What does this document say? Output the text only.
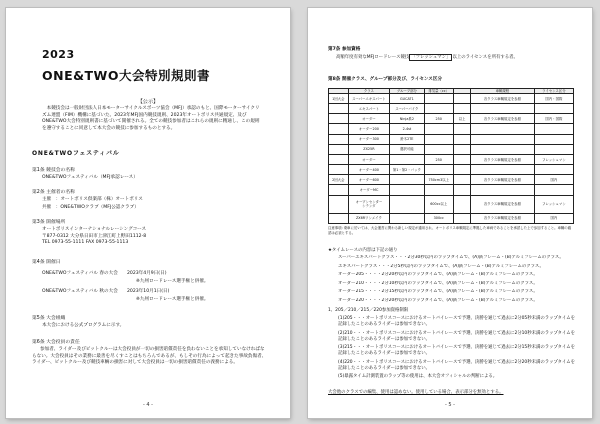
2023
ONE&TWO大会特別規則書
【公示】
本競技会は一般財団法人日本モーターサイクルスポーツ協会（MFJ）承認のもと、国際モーターサイクリズム連盟（FIM）機構に基づいた、2023年MFJ国内競技規則、2023年オートポリス共通規定、及びONE&TWO大会特別規則書に基づいて開催される。全ての競技参加者はこれらの規則に精通し、この規則を遵守することに同意して本大会の競技に参加するものとする。
ONE&TWOフェスティバル
第1条 競技会の名称
ONE&TWOフェスティバル（MFJ承認レース）
第2条 主催者の名称
主催　：オートポリス倶楽部（株）オートポリス
共催　：ONE&TWOクラブ（MFJ公認クラブ）
第3条 開催場所
オートポリスインターナショナルレーシングコース
〒877-0312 大分県日田市上津江町上野田1112-8
TEL 0973-55-1111 FAX 0973-55-1113
第4条 開催日
ONE&TWOフェスティバル 春の大会　　2023年4月9日(日)
※九州ロードレース選手権と併催。
ONE&TWOフェスティバル 秋の大会　　2023年10月1日(日)
※九州ロードレース選手権と併催。
第5条 大会組織
本大会における公式プログラムに示す。
第6条 大会役員の責任
参加者、ライダー及びピットクルーは大会役員が一切の損害賠償責任を負わないことを承知していなければならない。大会役員はその業務に最善を尽くすことはもちろんであるが、もしその行為によって起きた事故負傷者、ライダー、ピットクルー及び競技車輌の損害に対して大会役員は一切の損害賠償責任の義務による。
- 4 -
第7条 参加資格
高額年度有効なMFJロードレース競技 「フレッシュマン」 以上のライセンスを所有する者。
第8条 開催クラス、グループ部分及び、ライセンス区分
	クラス	グループ部分	排気量（cc）		車輌規程	ライセンス区分
1回大会	スーパーエキスパート	GUCAT1			各クラス車輌規定を参照	国内・国際
	エキスパート	スーパーバイク				
	オーダー	Ninja系2	250	以上	各クラス車輌規定を参照	国内・国際
	オーダー200	2-4st				
	オーダー300	鈴木2TE				
	ZX25R	選択可能				
	オーダー		250		各クラス車輌規定を参照	フレッシュマン
	オーダー400	第1・第2・バック				
2回大会	オーダー600		750cm3以上		各クラス車輌規定を参照	国内
	オーダーMC					
	オープンセンター
シテンダ		600cc以上		各クラス車輌規定を参照	フレッシュマン
	ZX6Rワンメイク		300cc		各クラス車輌規定を参照	国内
注意事項: 乗車に於いては、大会運営に関わる新しい規定が適用され、オートポリス車輌規定に準拠した車両であることを承認した上で参加すること。車輌の確認は必須とする。
★タイムレースの内容は下記の通り
スーパーエキスパートクラス・・・2分30秒以内のラップタイムで、(A)鉄フレーム・(B)アルミフレームのクラス。
エキスパートクラス・・・2分5秒以内のラップタイムで、(A)鉄フレーム・(B)アルミフレームのクラス。
オーダー205・・・・2分20秒以内のラップタイムで、(A)鉄フレーム・(B)アルミフレームのクラス。
オーダー210・・・・2分10秒以内のラップタイムで、(A)鉄フレーム・(B)アルミフレームのクラス。
オーダー215・・・・2分15秒以内のラップタイムで、(A)鉄フレーム・(B)アルミフレームのクラス。
オーダー220・・・・2分20秒以内のラップタイムで、(A)鉄フレーム・(B)アルミフレームのクラス。
1、205／210／215／220参加資格制限
(1)205・・・オートポリスコースにおけるオートバイレースで予選、決勝を通じて過去に2分05秒未満のラップタイムを記録したことのあるライダーは参加できない。
(2)210・・・オートポリスコースにおけるオートバイレースで予選、決勝を通じて過去に2分10秒未満のラップタイムを記録したことのあるライダーは参加できない。
(3)215・・・オートポリスコースにおけるオートバイレースで予選、決勝を通じて過去に2分15秒未満のラップタイムを記録したことのあるライダーは参加できない。
(4)220・・・オートポリスコースにおけるオートバイレースで予選、決勝を通じて過去に2分20秒未満のラップタイムを記録したことのあるライダーは参加できない。
(5)暴露タイム計測装置のラップ等の使用は、本大会オフィシャルの判断による。
大会他のクラスでの編集、使用は認めない。使用している場合、表示部分を無効とする。
- 5 -
